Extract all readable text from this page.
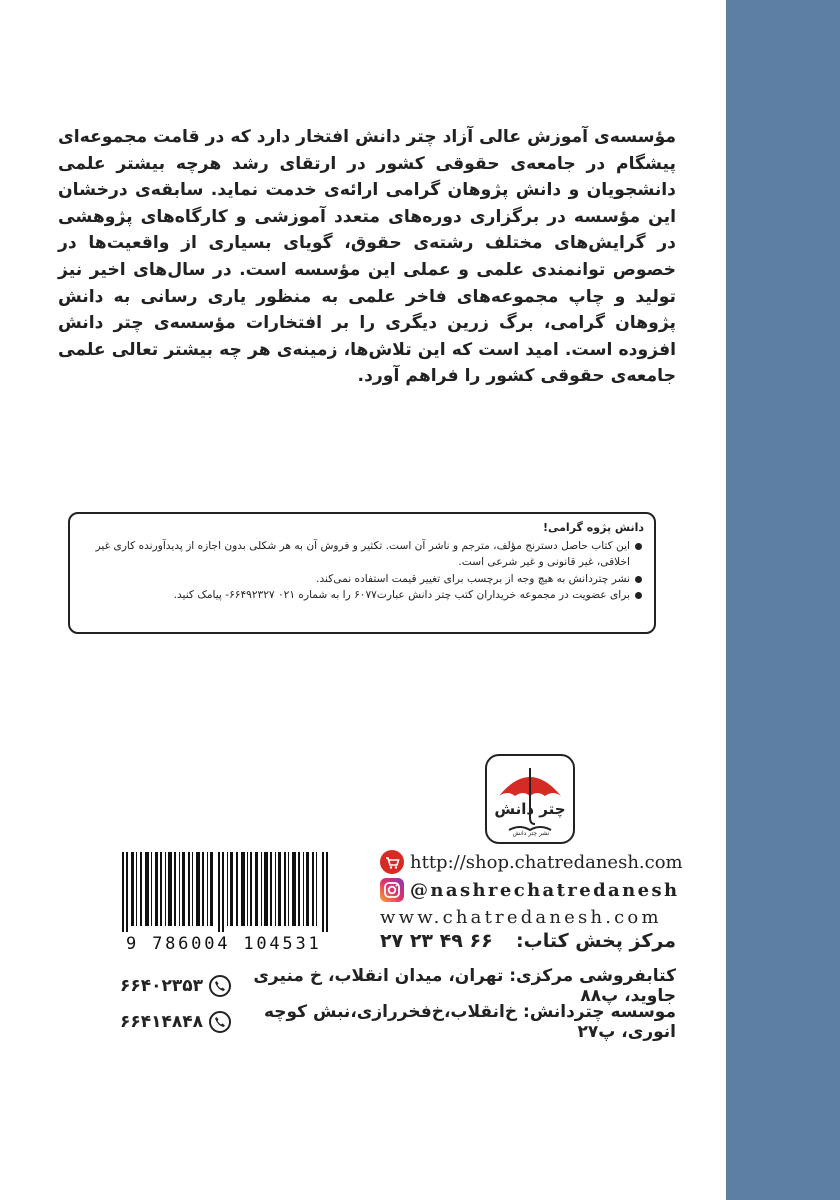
مؤسسه‌ی آموزش عالی آزاد چتر دانش افتخار دارد که در قامت مجموعه‌ای پیشگام در جامعه‌ی حقوقی کشور در ارتقای رشد هرچه بیشتر علمی دانشجویان و دانش پژوهان گرامی ارائه‌ی خدمت نماید. سابقه‌ی درخشان این مؤسسه در برگزاری دوره‌های متعدد آموزشی و کارگاه‌های پژوهشی در گرایش‌های مختلف رشته‌ی حقوق، گویای بسیاری از واقعیت‌ها در خصوص توانمندی علمی و عملی این مؤسسه است. در سال‌های اخیر نیز تولید و چاپ مجموعه‌های فاخر علمی به منظور یاری رسانی به دانش پژوهان گرامی، برگ زرین دیگری را بر افتخارات مؤسسه‌ی چتر دانش افزوده است. امید است که این تلاش‌ها، زمینه‌ی هر چه بیشتر تعالی علمی جامعه‌ی حقوقی کشور را فراهم آورد.
دانش پژوه گرامی!
این کتاب حاصل دسترنج مؤلف، مترجم و ناشر آن است. تکثیر و فروش آن به هر شکلی بدون اجازه از پدیدآورنده کاری غیر اخلاقی، غیر قانونی و غیر شرعی است.
نشر چتردانش به هیچ وجه از برچسب برای تغییر قیمت استفاده نمی‌کند.
برای عضویت در مجموعه خریداران کتب چتر دانش عبارت۶۰۷۷ را به شماره ۰۲۱ ۶۶۴۹۲۳۲۷- پیامک کنید.
چتر دانش
نشر چتر دانش
9 786004 104531
http://shop.chatredanesh.com
@nashrechatredanesh
www.chatredanesh.com
مرکز پخش کتاب:
۶۶ ۴۹ ۲۳ ۲۷
کتابفروشی مرکزی: تهران، میدان انقلاب، خ منیری جاوید، پ۸۸
۶۶۴۰۲۳۵۳
موسسه چتردانش: خ‌انقلاب،خ‌فخررازی،نبش کوچه انوری، پ۲۷
۶۶۴۱۴۸۴۸
